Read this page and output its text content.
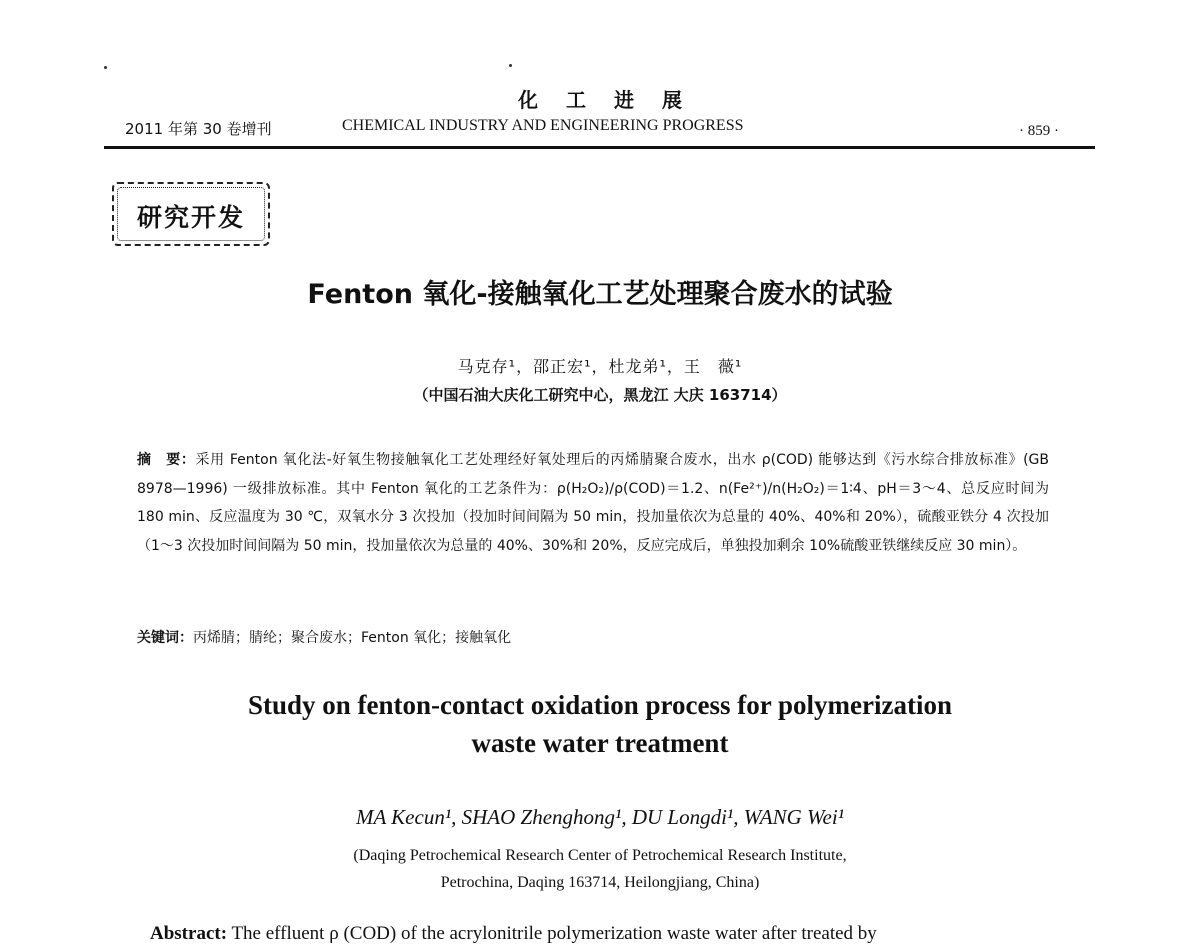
化工进展
2011 年第 30 卷增刊	CHEMICAL INDUSTRY AND ENGINEERING PROGRESS	· 859 ·
研究开发
Fenton 氧化-接触氧化工艺处理聚合废水的试验
马克存¹，邵正宏¹，杜龙弟¹，王　薇¹
（中国石油大庆化工研究中心，黑龙江 大庆 163714）
摘　要：采用 Fenton 氧化法-好氧生物接触氧化工艺处理经好氧处理后的丙烯腈聚合废水，出水 ρ(COD) 能够达到《污水综合排放标准》(GB 8978—1996) 一级排放标准。其中 Fenton 氧化的工艺条件为：ρ(H₂O₂)/ρ(COD)＝1.2、n(Fe²⁺)/n(H₂O₂)＝1∶4、pH＝3～4、总反应时间为 180 min、反应温度为 30 ℃，双氧水分 3 次投加（投加时间间隔为 50 min，投加量依次为总量的 40%、40%和 20%），硫酸亚铁分 4 次投加（1～3 次投加时间间隔为 50 min，投加量依次为总量的 40%、30%和 20%，反应完成后，单独投加剩余 10%硫酸亚铁继续反应 30 min）。
关键词：丙烯腈；腈纶；聚合废水；Fenton 氧化；接触氧化
Study on fenton-contact oxidation process for polymerization
waste water treatment
MA Kecun¹, SHAO Zhenghong¹, DU Longdi¹, WANG Wei¹
(Daqing Petrochemical Research Center of Petrochemical Research Institute,
Petrochina, Daqing 163714, Heilongjiang, China)
Abstract: The effluent ρ (COD) of the acrylonitrile polymerization waste water after treated by
